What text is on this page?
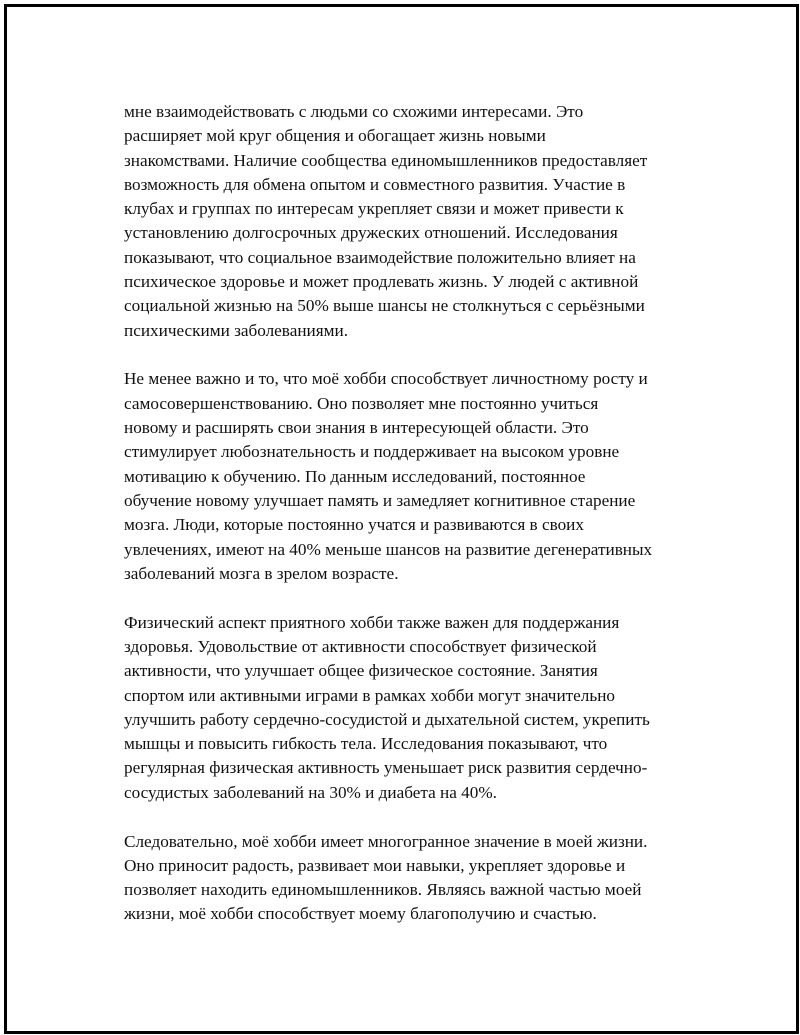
мне взаимодействовать с людьми со схожими интересами. Это
расширяет мой круг общения и обогащает жизнь новыми
знакомствами. Наличие сообщества единомышленников предоставляет
возможность для обмена опытом и совместного развития. Участие в
клубах и группах по интересам укрепляет связи и может привести к
установлению долгосрочных дружеских отношений. Исследования
показывают, что социальное взаимодействие положительно влияет на
психическое здоровье и может продлевать жизнь. У людей с активной
социальной жизнью на 50% выше шансы не столкнуться с серьёзными
психическими заболеваниями.

Не менее важно и то, что моё хобби способствует личностному росту и
самосовершенствованию. Оно позволяет мне постоянно учиться
новому и расширять свои знания в интересующей области. Это
стимулирует любознательность и поддерживает на высоком уровне
мотивацию к обучению. По данным исследований, постоянное
обучение новому улучшает память и замедляет когнитивное старение
мозга. Люди, которые постоянно учатся и развиваются в своих
увлечениях, имеют на 40% меньше шансов на развитие дегенеративных
заболеваний мозга в зрелом возрасте.

Физический аспект приятного хобби также важен для поддержания
здоровья. Удовольствие от активности способствует физической
активности, что улучшает общее физическое состояние. Занятия
спортом или активными играми в рамках хобби могут значительно
улучшить работу сердечно-сосудистой и дыхательной систем, укрепить
мышцы и повысить гибкость тела. Исследования показывают, что
регулярная физическая активность уменьшает риск развития сердечно-
сосудистых заболеваний на 30% и диабета на 40%.

Следовательно, моё хобби имеет многогранное значение в моей жизни.
Оно приносит радость, развивает мои навыки, укрепляет здоровье и
позволяет находить единомышленников. Являясь важной частью моей
жизни, моё хобби способствует моему благополучию и счастью.
